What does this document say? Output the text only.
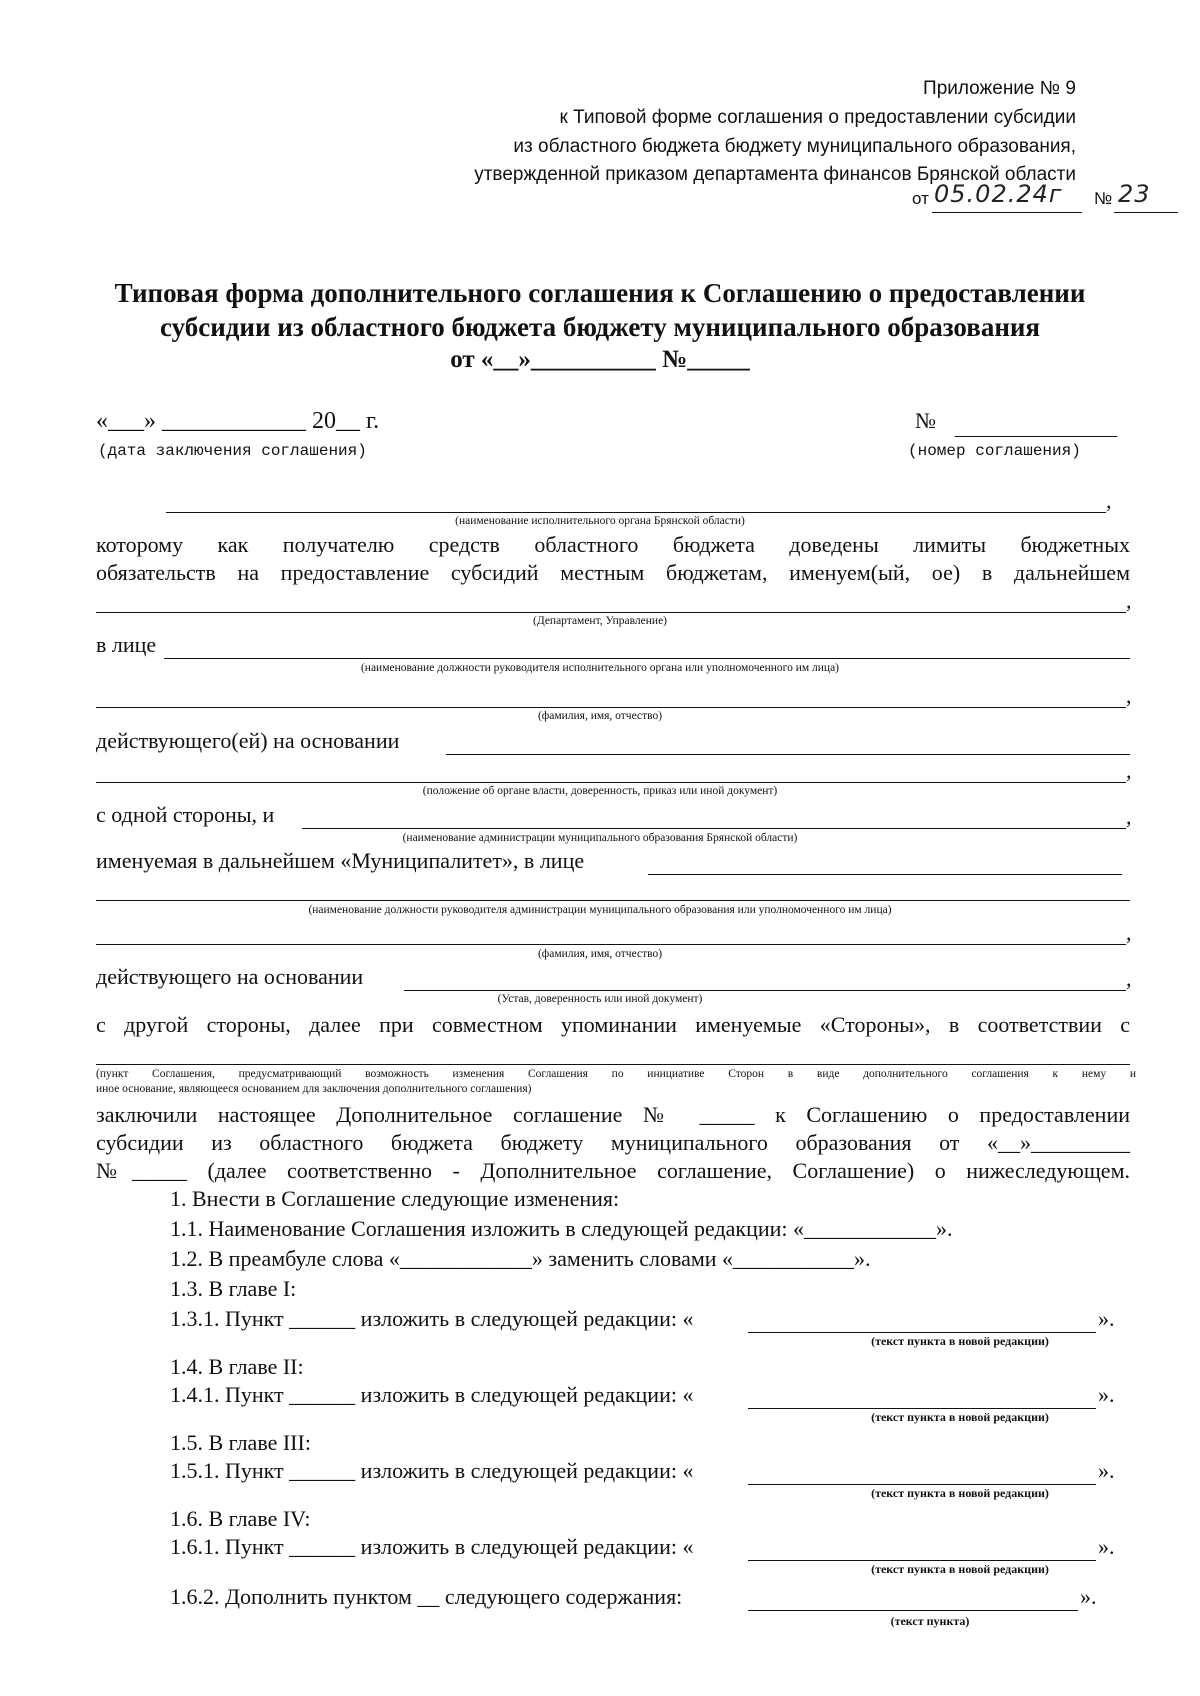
Приложение № 9
к Типовой форме соглашения о предоставлении субсидии
из областного бюджета бюджету муниципального образования,
утвержденной приказом департамента финансов Брянской области
от 05.02.24г № 23
Типовая форма дополнительного соглашения к Соглашению о предоставлении
субсидии из областного бюджета бюджету муниципального образования
от «__»__________ №_____
«___» ____________ 20__ г.
(дата заключения соглашения)
№
(номер соглашения)
,
(наименование исполнительного органа Брянской области)
которому как получателю средств областного бюджета доведены лимиты бюджетных
обязательств на предоставление субсидий местным бюджетам, именуем(ый, ое) в дальнейшем
,
(Департамент, Управление)
в лице
(наименование должности руководителя исполнительного органа или уполномоченного им лица)
,
(фамилия, имя, отчество)
действующего(ей) на основании
,
(положение об органе власти, доверенность, приказ или иной документ)
с одной стороны, и	,
(наименование администрации муниципального образования Брянской области)
именуемая в дальнейшем «Муниципалитет», в лице
(наименование должности руководителя администрации муниципального образования или уполномоченного им лица)
,
(фамилия, имя, отчество)
действующего на основании	,
(Устав, доверенность или иной документ)
с другой стороны, далее при совместном упоминании именуемые «Стороны», в соответствии с
(пункт Соглашения, предусматривающий возможность изменения Соглашения по инициативе Сторон в виде дополнительного соглашения к нему и
иное основание, являющееся основанием для заключения дополнительного соглашения)
заключили настоящее Дополнительное соглашение № _____ к Соглашению о предоставлении
субсидии из областного бюджета бюджету муниципального образования от «__»_________
№_____ (далее соответственно - Дополнительное соглашение, Соглашение) о нижеследующем.
1. Внести в Соглашение следующие изменения:
1.1. Наименование Соглашения изложить в следующей редакции: «____________».
1.2. В преамбуле слова «____________» заменить словами «___________».
1.3. В главе I:
1.3.1. Пункт ______ изложить в следующей редакции: «	».
(текст пункта в новой редакции)
1.4. В главе II:
1.4.1. Пункт ______ изложить в следующей редакции: «	».
(текст пункта в новой редакции)
1.5. В главе III:
1.5.1. Пункт ______ изложить в следующей редакции: «	».
(текст пункта в новой редакции)
1.6. В главе IV:
1.6.1. Пункт ______ изложить в следующей редакции: «	».
(текст пункта в новой редакции)
1.6.2. Дополнить пунктом __ следующего содержания:	».
(текст пункта)
